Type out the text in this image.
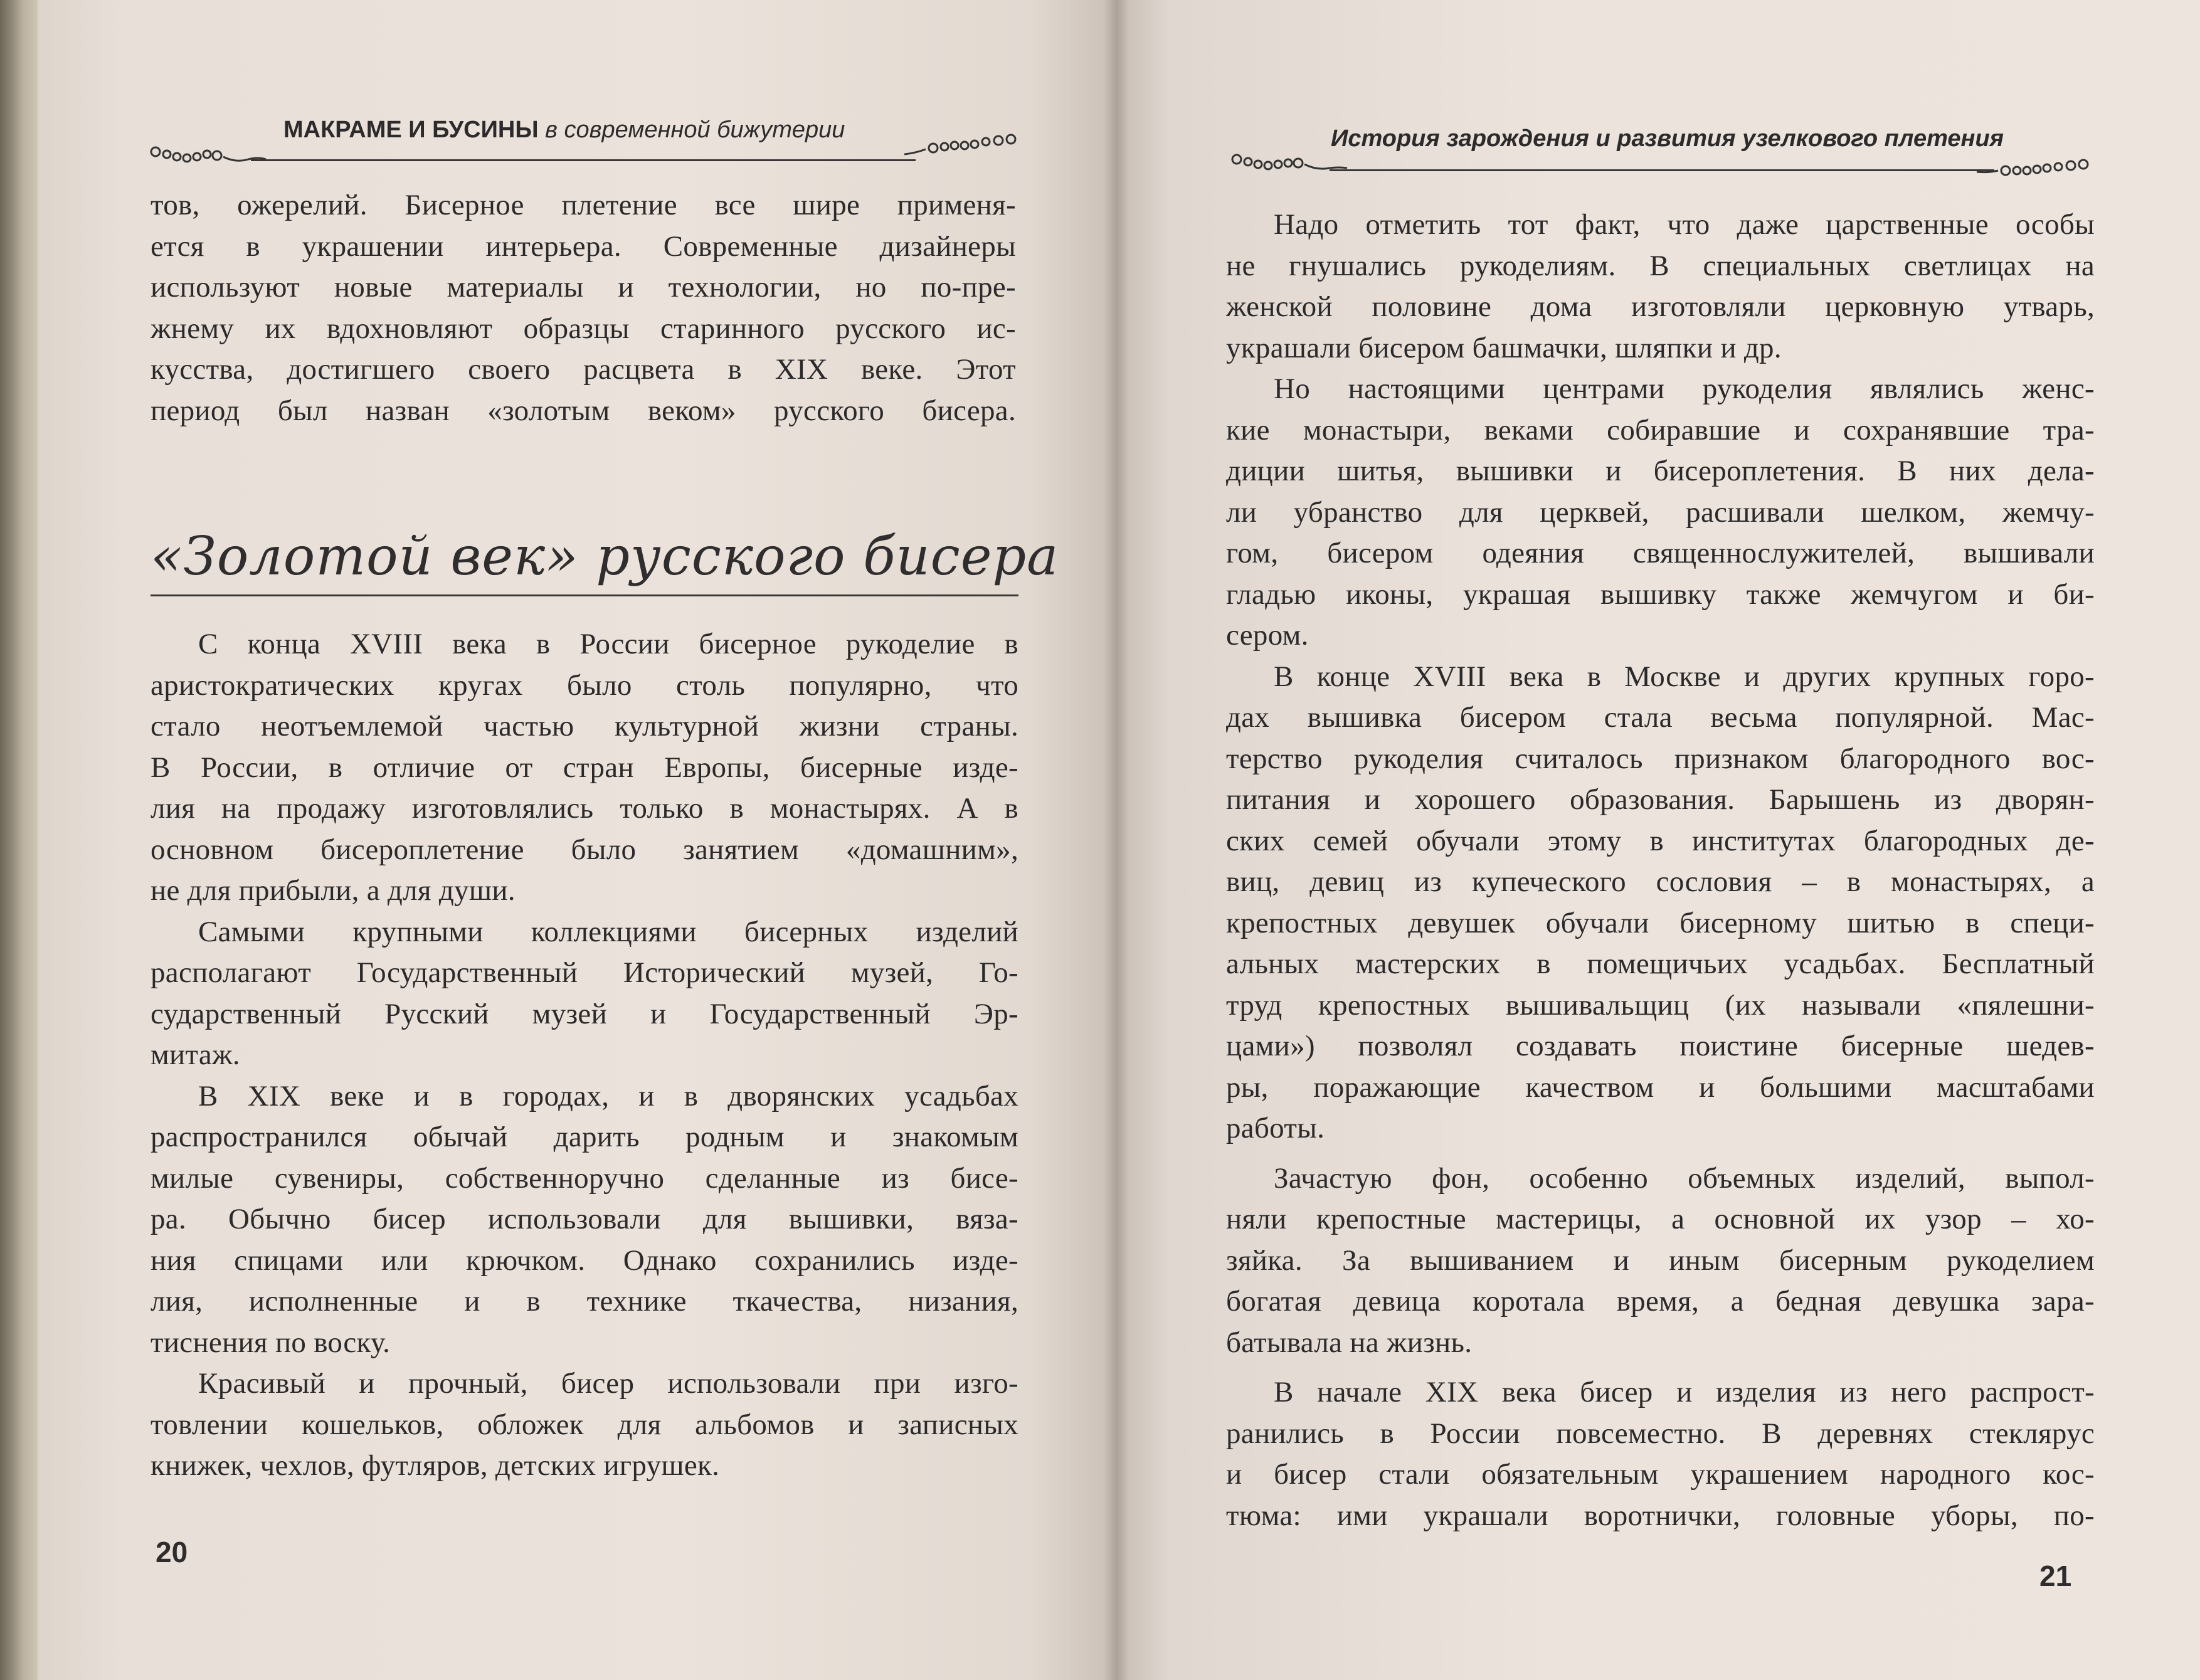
МАКРАМЕ И БУСИНЫ в современной бижутерии
тов, ожерелий. Бисерное плетение все шире применя-
ется в украшении интерьера. Современные дизайнеры
используют новые материалы и технологии, но по-пре-
жнему их вдохновляют образцы старинного русского ис-
кусства, достигшего своего расцвета в XIX веке. Этот
период был назван «золотым веком» русского бисера.
«Золотой век» русского бисера
С конца XVIII века в России бисерное рукоделие в
аристократических кругах было столь популярно, что
стало неотъемлемой частью культурной жизни страны.
В России, в отличие от стран Европы, бисерные изде-
лия на продажу изготовлялись только в монастырях. А в
основном бисероплетение было занятием «домашним»,
не для прибыли, а для души.
Самыми крупными коллекциями бисерных изделий
располагают Государственный Исторический музей, Го-
сударственный Русский музей и Государственный Эр-
митаж.
В XIX веке и в городах, и в дворянских усадьбах
распространился обычай дарить родным и знакомым
милые сувениры, собственноручно сделанные из бисе-
ра. Обычно бисер использовали для вышивки, вяза-
ния спицами или крючком. Однако сохранились изде-
лия, исполненные и в технике ткачества, низания,
тиснения по воску.
Красивый и прочный, бисер использовали при изго-
товлении кошельков, обложек для альбомов и записных
книжек, чехлов, футляров, детских игрушек.
20
История зарождения и развития узелкового плетения
Надо отметить тот факт, что даже царственные особы
не гнушались рукоделиям. В специальных светлицах на
женской половине дома изготовляли церковную утварь,
украшали бисером башмачки, шляпки и др.
Но настоящими центрами рукоделия являлись женс-
кие монастыри, веками собиравшие и сохранявшие тра-
диции шитья, вышивки и бисероплетения. В них дела-
ли убранство для церквей, расшивали шелком, жемчу-
гом, бисером одеяния священнослужителей, вышивали
гладью иконы, украшая вышивку также жемчугом и би-
сером.
В конце XVIII века в Москве и других крупных горо-
дах вышивка бисером стала весьма популярной. Мас-
терство рукоделия считалось признаком благородного вос-
питания и хорошего образования. Барышень из дворян-
ских семей обучали этому в институтах благородных де-
виц, девиц из купеческого сословия – в монастырях, а
крепостных девушек обучали бисерному шитью в специ-
альных мастерских в помещичьих усадьбах. Бесплатный
труд крепостных вышивальщиц (их называли «пялешни-
цами») позволял создавать поистине бисерные шедев-
ры, поражающие качеством и большими масштабами
работы.
Зачастую фон, особенно объемных изделий, выпол-
няли крепостные мастерицы, а основной их узор – хо-
зяйка. За вышиванием и иным бисерным рукоделием
богатая девица коротала время, а бедная девушка зара-
батывала на жизнь.
В начале XIX века бисер и изделия из него распрост-
ранились в России повсеместно. В деревнях стеклярус
и бисер стали обязательным украшением народного кос-
тюма: ими украшали воротнички, головные уборы, по-
21
